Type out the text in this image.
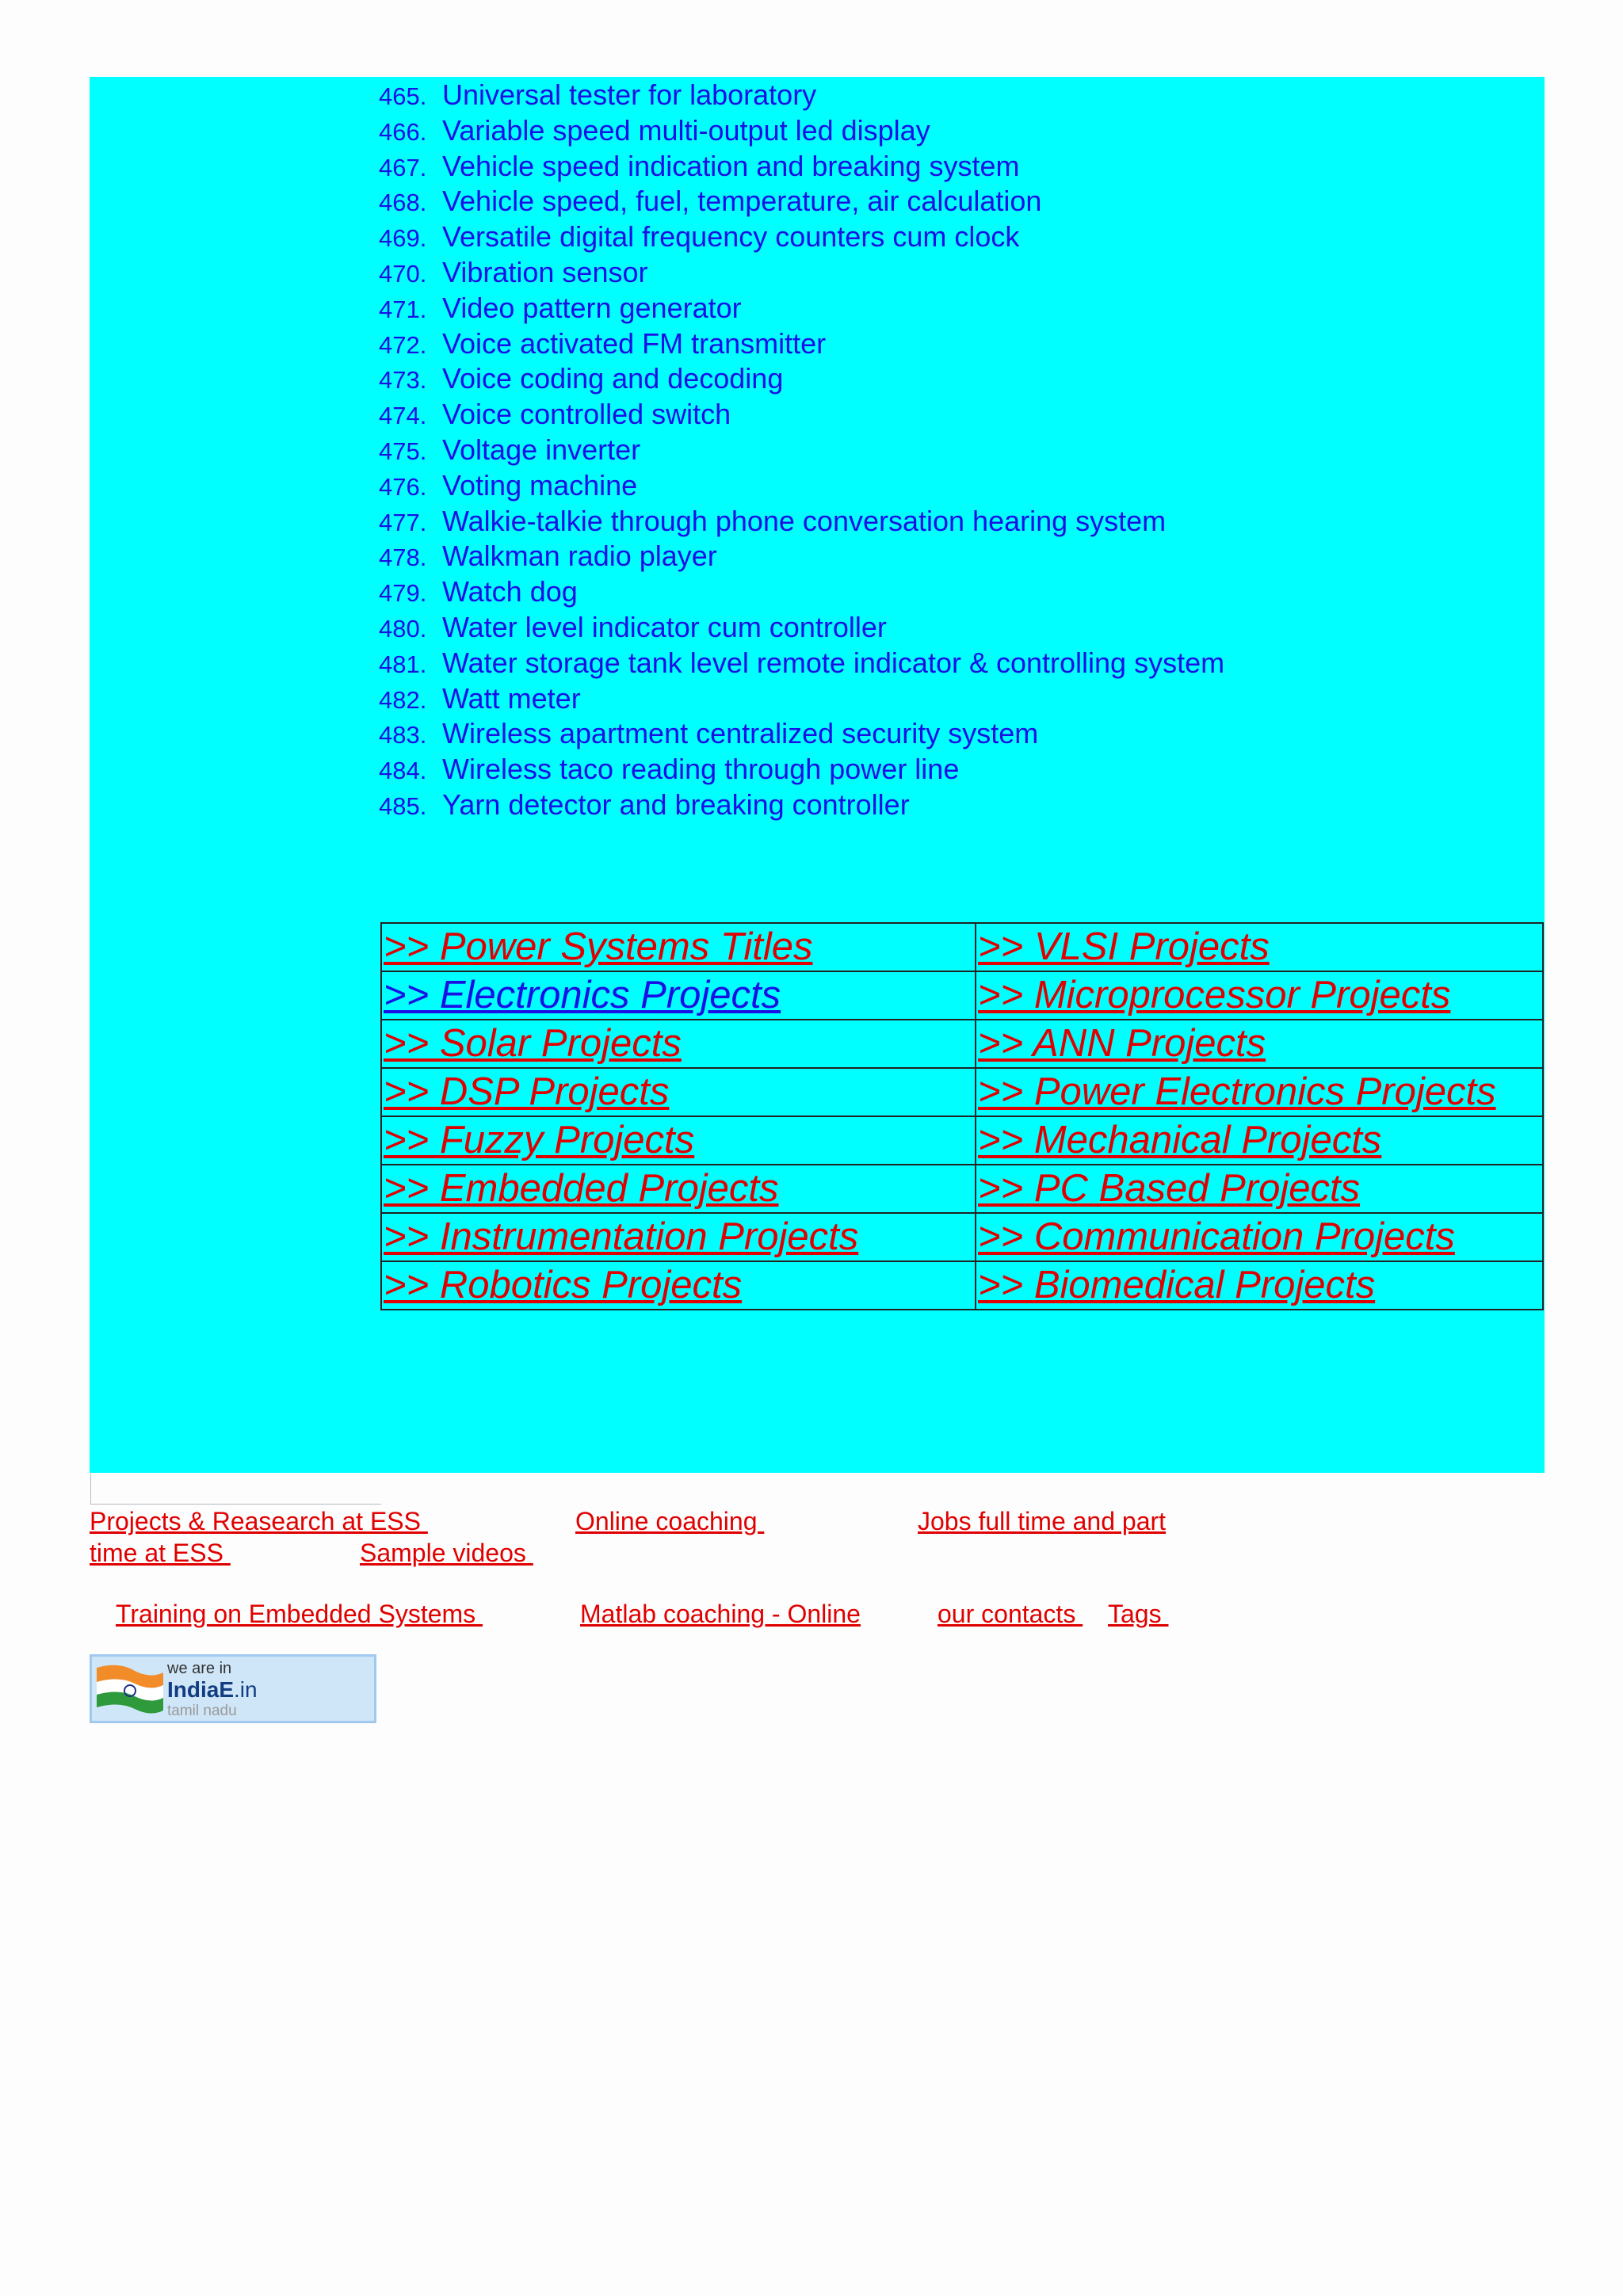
465. Universal tester for laboratory
466. Variable speed multi-output led display
467. Vehicle speed indication and breaking system
468. Vehicle speed, fuel, temperature, air calculation
469. Versatile digital frequency counters cum clock
470. Vibration sensor
471. Video pattern generator
472. Voice activated FM transmitter
473. Voice coding and decoding
474. Voice controlled switch
475. Voltage inverter
476. Voting machine
477. Walkie-talkie through phone conversation hearing system
478. Walkman radio player
479. Watch dog
480. Water level indicator cum controller
481. Water storage tank level remote indicator & controlling system
482. Watt meter
483. Wireless apartment centralized security system
484. Wireless taco reading through power line
485. Yarn detector and breaking controller
>> Power Systems Titles	>> VLSI Projects
>> Electronics Projects	>> Microprocessor Projects
>> Solar Projects	>> ANN Projects
>> DSP Projects	>> Power Electronics Projects
>> Fuzzy Projects	>> Mechanical Projects
>> Embedded Projects	>> PC Based Projects
>> Instrumentation Projects	>> Communication Projects
>> Robotics Projects	>> Biomedical Projects
Projects & Reasearch at ESS	Online coaching	Jobs full time and part
time at ESS	Sample videos
Training on Embedded Systems	Matlab coaching - Online	our contacts Tags
we are in
IndiaE.in
tamil nadu
